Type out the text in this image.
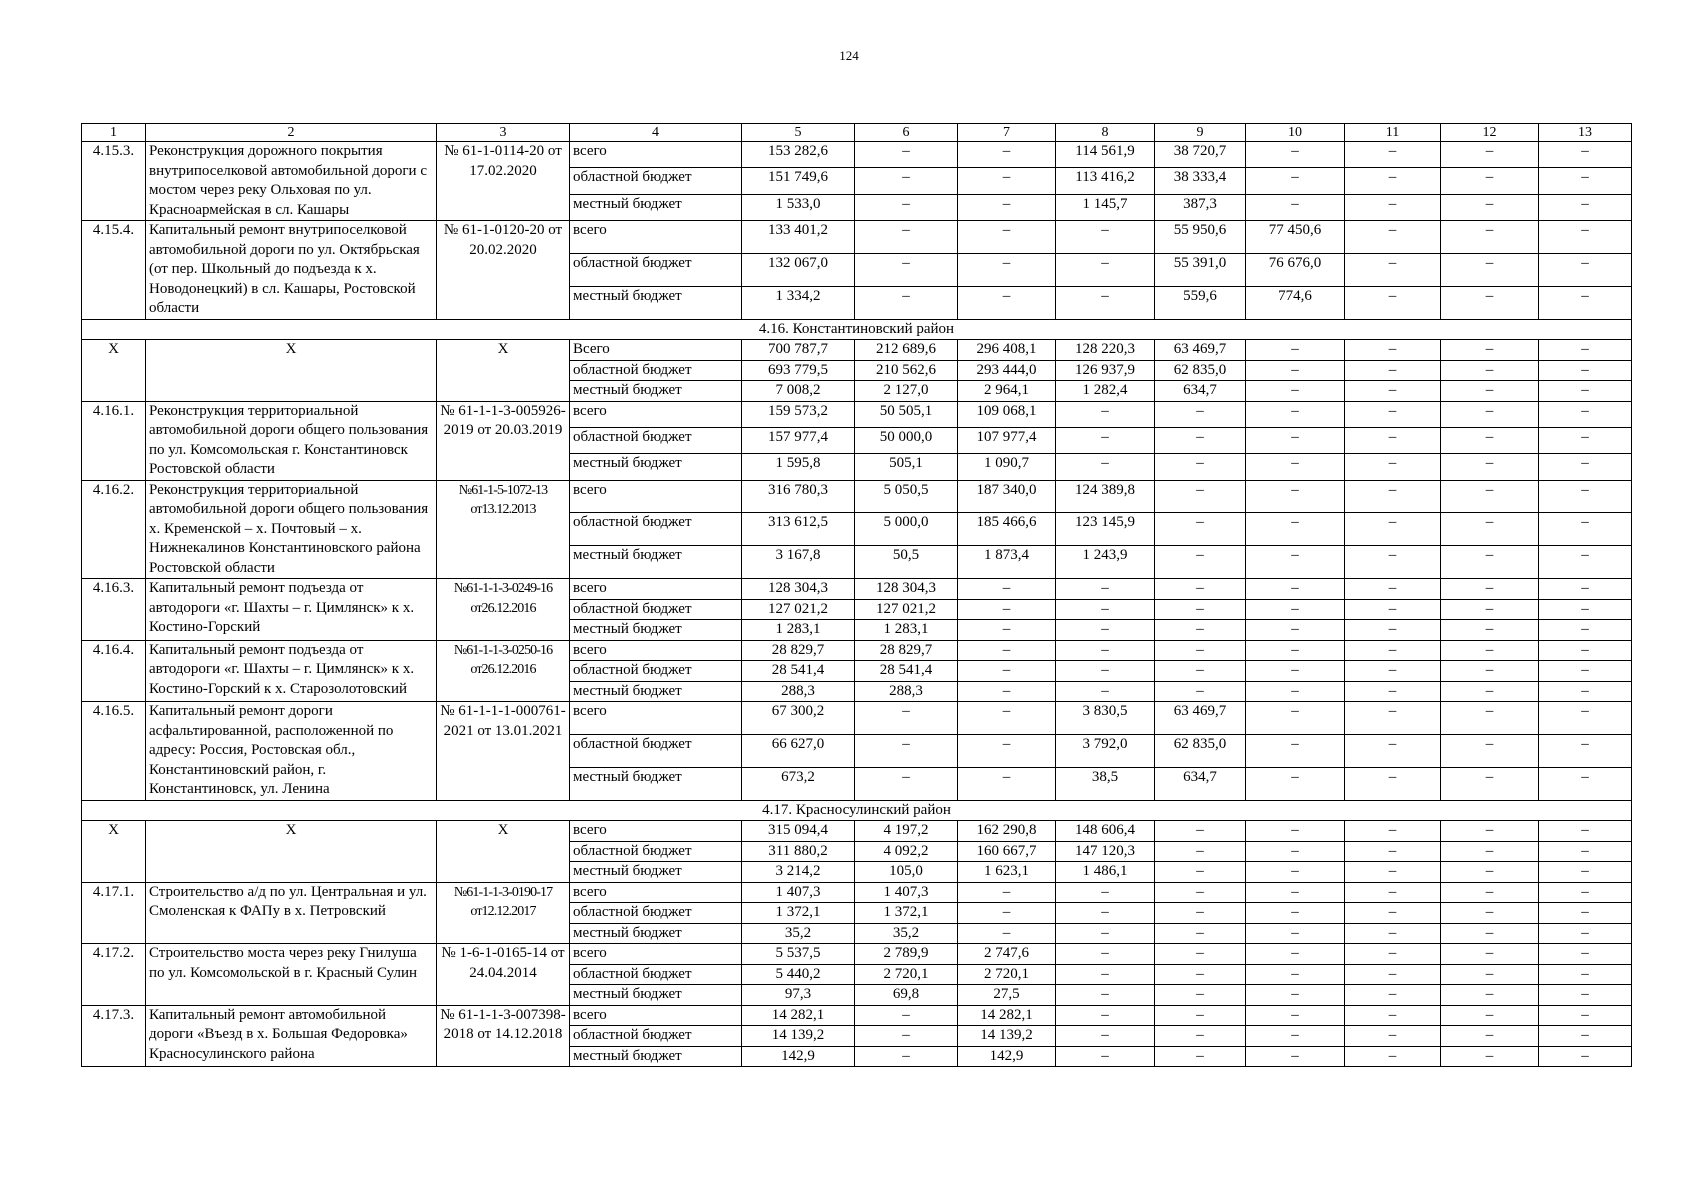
124
1	2	3	4	5	6	7	8	9	10	11	12	13
4.15.3.	Реконструкция дорожного покрытия внутрипоселковой автомобильной дороги с мостом через реку Ольховая по ул. Красноармейская в сл. Кашары	№ 61-1-0114-20 от 17.02.2020	всего	153 282,6	–	–	114 561,9	38 720,7	–	–	–	–
			областной бюджет	151 749,6	–	–	113 416,2	38 333,4	–	–	–	–
			местный бюджет	1 533,0	–	–	1 145,7	387,3	–	–	–	–
4.15.4.	Капитальный ремонт внутрипоселковой автомобильной дороги по ул. Октябрьская (от пер. Школьный до подъезда к х. Новодонецкий) в сл. Кашары, Ростовской области	№ 61-1-0120-20 от 20.02.2020	всего	133 401,2	–	–	–	55 950,6	77 450,6	–	–	–
			областной бюджет	132 067,0	–	–	–	55 391,0	76 676,0	–	–	–
			местный бюджет	1 334,2	–	–	–	559,6	774,6	–	–	–
4.16. Константиновский район												
Х	Х	Х	Всего	700 787,7	212 689,6	296 408,1	128 220,3	63 469,7	–	–	–	–
			областной бюджет	693 779,5	210 562,6	293 444,0	126 937,9	62 835,0	–	–	–	–
			местный бюджет	7 008,2	2 127,0	2 964,1	1 282,4	634,7	–	–	–	–
4.16.1.	Реконструкция территориальной автомобильной дороги общего пользования по ул. Комсомольская г. Константиновск Ростовской области	№ 61-1-1-3-005926-2019 от 20.03.2019	всего	159 573,2	50 505,1	109 068,1	–	–	–	–	–	–
			областной бюджет	157 977,4	50 000,0	107 977,4	–	–	–	–	–	–
			местный бюджет	1 595,8	505,1	1 090,7	–	–	–	–	–	–
4.16.2.	Реконструкция территориальной автомобильной дороги общего пользования х. Кременской – х. Почтовый – х. Нижнекалинов Константиновского района Ростовской области	№61-1-5-1072-13 от13.12.2013	всего	316 780,3	5 050,5	187 340,0	124 389,8	–	–	–	–	–
			областной бюджет	313 612,5	5 000,0	185 466,6	123 145,9	–	–	–	–	–
			местный бюджет	3 167,8	50,5	1 873,4	1 243,9	–	–	–	–	–
4.16.3.	Капитальный ремонт подъезда от автодороги «г. Шахты – г. Цимлянск» к х. Костино-Горский	№61-1-1-3-0249-16 от26.12.2016	всего	128 304,3	128 304,3	–	–	–	–	–	–	–
			областной бюджет	127 021,2	127 021,2	–	–	–	–	–	–	–
			местный бюджет	1 283,1	1 283,1	–	–	–	–	–	–	–
4.16.4.	Капитальный ремонт подъезда от автодороги «г. Шахты – г. Цимлянск» к х. Костино-Горский к х. Старозолотовский	№61-1-1-3-0250-16 от26.12.2016	всего	28 829,7	28 829,7	–	–	–	–	–	–	–
			областной бюджет	28 541,4	28 541,4	–	–	–	–	–	–	–
			местный бюджет	288,3	288,3	–	–	–	–	–	–	–
4.16.5.	Капитальный ремонт дороги асфальтированной, расположенной по адресу: Россия, Ростовская обл., Константиновский район, г. Константиновск, ул. Ленина	№ 61-1-1-1-000761-2021 от 13.01.2021	всего	67 300,2	–	–	3 830,5	63 469,7	–	–	–	–
			областной бюджет	66 627,0	–	–	3 792,0	62 835,0	–	–	–	–
			местный бюджет	673,2	–	–	38,5	634,7	–	–	–	–
4.17. Красносулинский район												
Х	Х	Х	всего	315 094,4	4 197,2	162 290,8	148 606,4	–	–	–	–	–
			областной бюджет	311 880,2	4 092,2	160 667,7	147 120,3	–	–	–	–	–
			местный бюджет	3 214,2	105,0	1 623,1	1 486,1	–	–	–	–	–
4.17.1.	Строительство а/д по ул. Центральная и ул. Смоленская к ФАПу в х. Петровский	№61-1-1-3-0190-17 от12.12.2017	всего	1 407,3	1 407,3	–	–	–	–	–	–	–
			областной бюджет	1 372,1	1 372,1	–	–	–	–	–	–	–
			местный бюджет	35,2	35,2	–	–	–	–	–	–	–
4.17.2.	Строительство моста через реку Гнилуша по ул. Комсомольской в г. Красный Сулин	№ 1-6-1-0165-14 от 24.04.2014	всего	5 537,5	2 789,9	2 747,6	–	–	–	–	–	–
			областной бюджет	5 440,2	2 720,1	2 720,1	–	–	–	–	–	–
			местный бюджет	97,3	69,8	27,5	–	–	–	–	–	–
4.17.3.	Капитальный ремонт автомобильной дороги «Въезд в х. Большая Федоровка» Красносулинского района	№ 61-1-1-3-007398-2018 от 14.12.2018	всего	14 282,1	–	14 282,1	–	–	–	–	–	–
			областной бюджет	14 139,2	–	14 139,2	–	–	–	–	–	–
			местный бюджет	142,9	–	142,9	–	–	–	–	–	–
